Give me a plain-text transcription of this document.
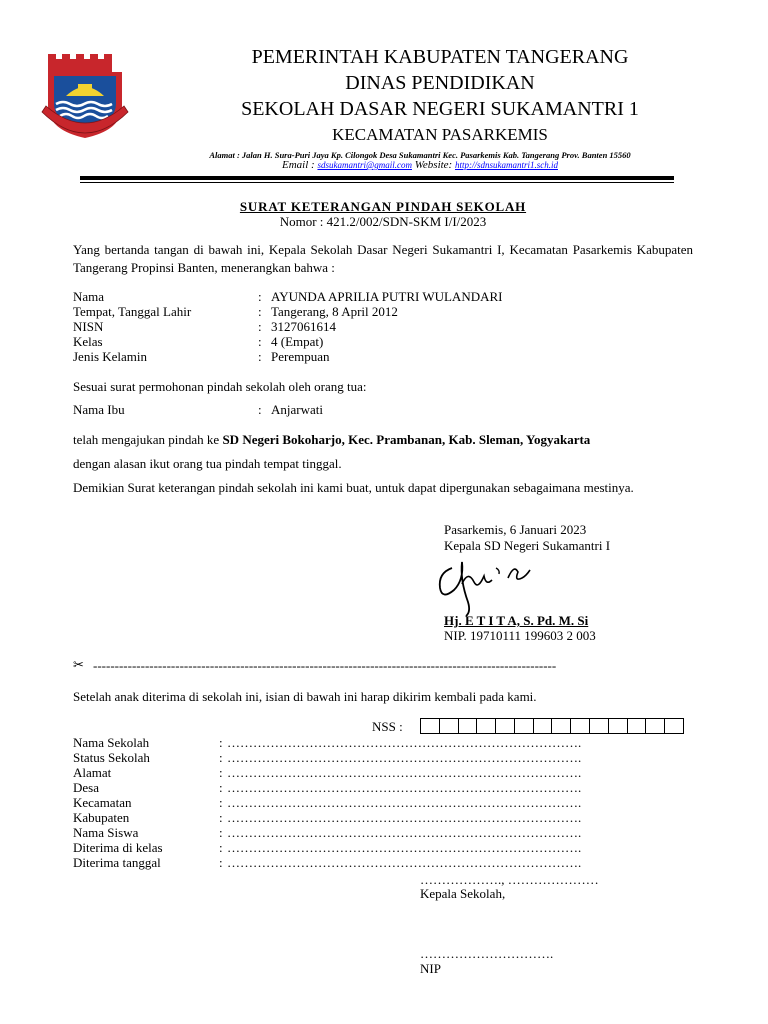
PEMERINTAH KABUPATEN TANGERANG
DINAS PENDIDIKAN
SEKOLAH DASAR NEGERI SUKAMANTRI 1
KECAMATAN PASARKEMIS
Alamat : Jalan H. Sura-Puri Jaya Kp. Cilongok Desa Sukamantri Kec. Pasarkemis Kab. Tangerang Prov. Banten 15560
Email : sdsukamantri@gmail.com Website: http://sdnsukamantri1.sch.id
SURAT KETERANGAN PINDAH SEKOLAH
Nomor : 421.2/002/SDN-SKM I/I/2023
Yang bertanda tangan di bawah ini, Kepala Sekolah Dasar Negeri Sukamantri I, Kecamatan Pasarkemis Kabupaten Tangerang Propinsi Banten, menerangkan bahwa :
Nama	: AYUNDA APRILIA PUTRI WULANDARI
Tempat, Tanggal Lahir	: Tangerang, 8 April 2012
NISN	: 3127061614
Kelas	: 4 (Empat)
Jenis Kelamin	: Perempuan
Sesuai surat permohonan pindah sekolah oleh orang tua:
Nama Ibu	: Anjarwati
telah mengajukan pindah ke SD Negeri Bokoharjo, Kec. Prambanan, Kab. Sleman, Yogyakarta
dengan alasan ikut orang tua pindah tempat tinggal.
Demikian Surat keterangan pindah sekolah ini kami buat, untuk dapat dipergunakan sebagaimana mestinya.
Pasarkemis, 6 Januari 2023
Kepala SD Negeri Sukamantri I
Hj. E T I T A, S. Pd. M. Si
NIP. 19710111 199603 2 003
✂ -----------------------------------------------------------------------------------------------------------
Setelah anak diterima di sekolah ini, isian di bawah ini harap dikirim kembali pada kami.
NSS :
Nama Sekolah	: ……………………………………………………………………….
Status Sekolah	: ……………………………………………………………………….
Alamat	: ……………………………………………………………………….
Desa	: ……………………………………………………………………….
Kecamatan	: ……………………………………………………………………….
Kabupaten	: ……………………………………………………………………….
Nama Siswa	: ……………………………………………………………………….
Diterima di kelas	: ……………………………………………………………………….
Diterima tanggal	: ……………………………………………………………………….
………………., …………………
Kepala Sekolah,
………………………….
NIP
